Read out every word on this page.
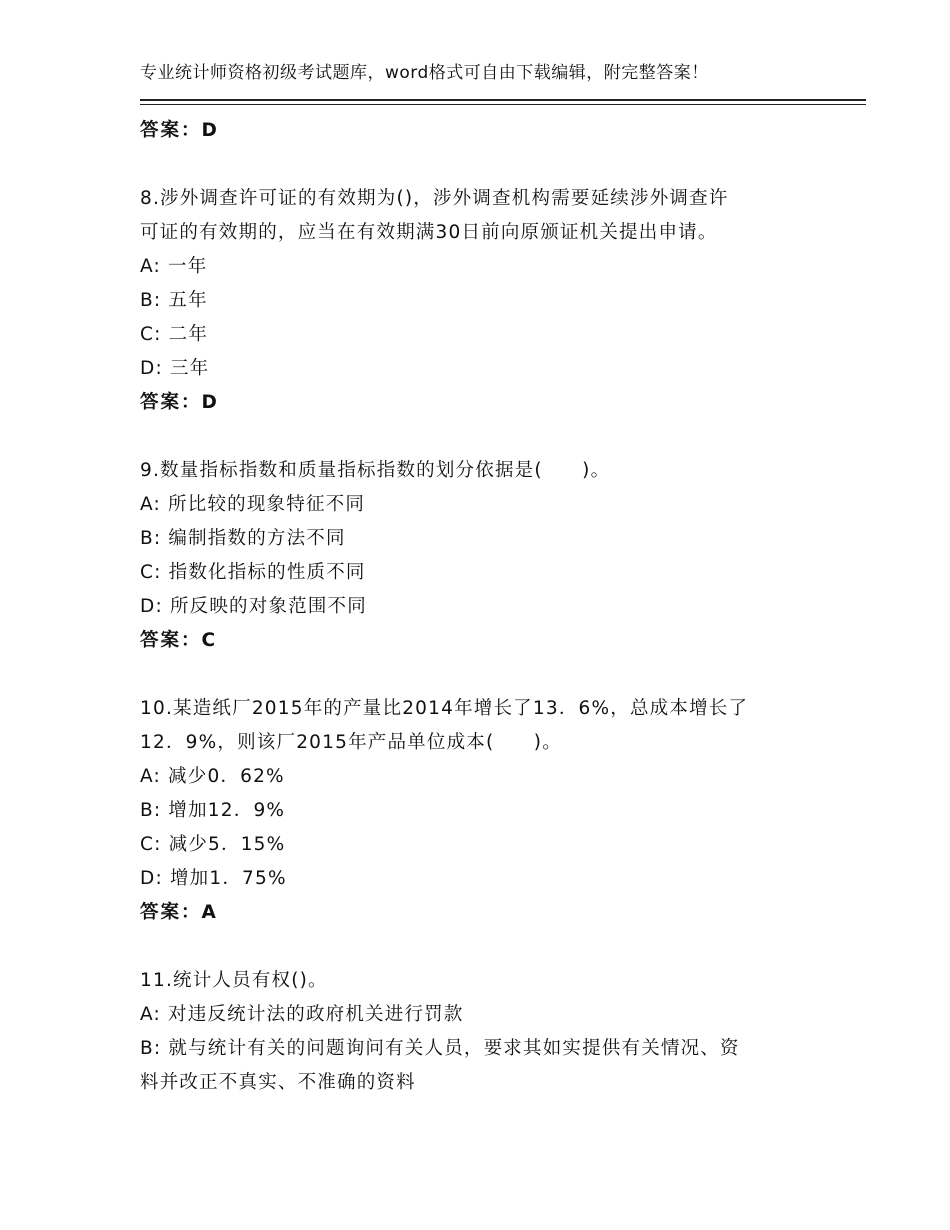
专业统计师资格初级考试题库，word格式可自由下载编辑，附完整答案！
答案：D
8.涉外调查许可证的有效期为()，涉外调查机构需要延续涉外调查许
可证的有效期的，应当在有效期满30日前向原颁证机关提出申请。
A: 一年
B: 五年
C: 二年
D: 三年
答案：D
9.数量指标指数和质量指标指数的划分依据是(　　)。
A: 所比较的现象特征不同
B: 编制指数的方法不同
C: 指数化指标的性质不同
D: 所反映的对象范围不同
答案：C
10.某造纸厂2015年的产量比2014年增长了13．6%，总成本增长了
12．9%，则该厂2015年产品单位成本(　　)。
A: 减少0．62%
B: 增加12．9%
C: 减少5．15%
D: 增加1．75%
答案：A
11.统计人员有权()。
A: 对违反统计法的政府机关进行罚款
B: 就与统计有关的问题询问有关人员，要求其如实提供有关情况、资
料并改正不真实、不准确的资料
